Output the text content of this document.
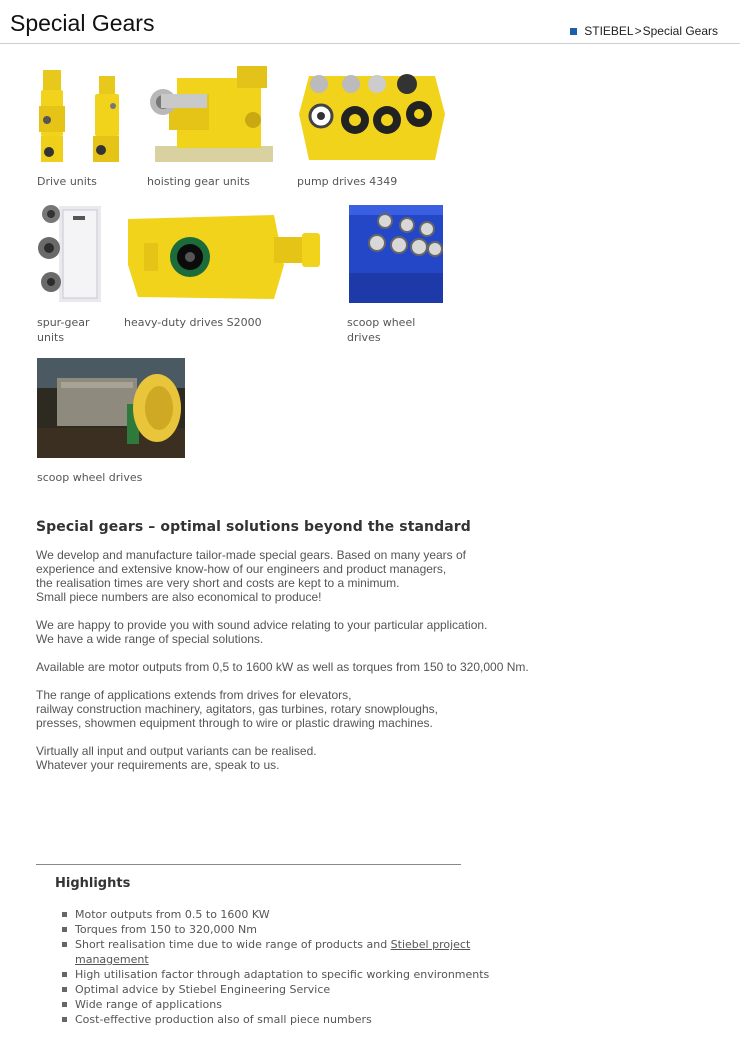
Special Gears	STIEBEL > Special Gears
Drive units	hoisting gear units	pump drives 4349
spur-gear
units
heavy-duty drives S2000	scoop wheel
drives
scoop wheel drives
Special gears – optimal solutions beyond the standard

We develop and manufacture tailor-made special gears. Based on many years of
experience and extensive know-how of our engineers and product managers,
the realisation times are very short and costs are kept to a minimum.
Small piece numbers are also economical to produce!

We are happy to provide you with sound advice relating to your particular application.
We have a wide range of special solutions.

Available are motor outputs from 0,5 to 1600 kW as well as torques from 150 to 320,000 Nm.

The range of applications extends from drives for elevators,
railway construction machinery, agitators, gas turbines, rotary snowploughs,
presses, showmen equipment through to wire or plastic drawing machines.

Virtually all input and output variants can be realised.
Whatever your requirements are, speak to us.

Highlights
Motor outputs from 0.5 to 1600 KW
Torques from 150 to 320,000 Nm
Short realisation time due to wide range of products and Stiebel project management
High utilisation factor through adaptation to specific working environments
Optimal advice by Stiebel Engineering Service
Wide range of applications
Cost-effective production also of small piece numbers
